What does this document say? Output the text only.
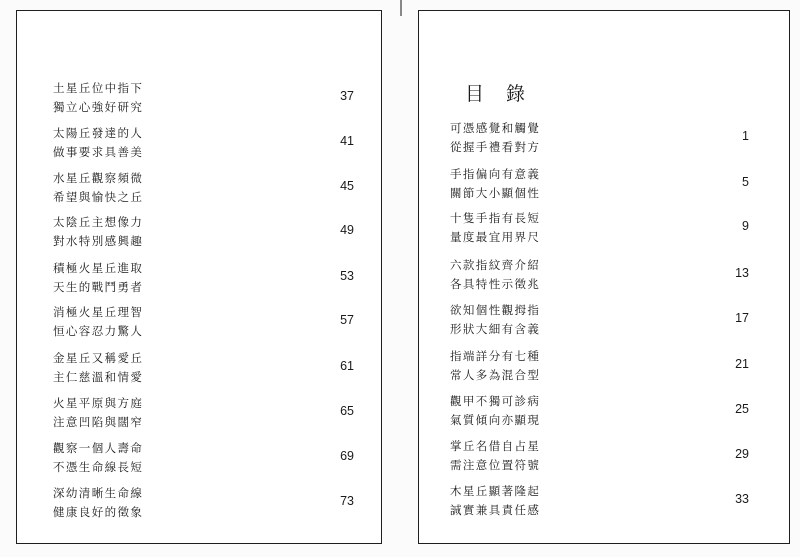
土星丘位中指下
獨立心強好研究
37
太陽丘發達的人
做事要求具善美
41
水星丘觀察頻微
希望與愉快之丘
45
太陰丘主想像力
對水特別感興趣
49
積極火星丘進取
天生的戰鬥勇者
53
消極火星丘理智
恒心容忍力驚人
57
金星丘又稱愛丘
主仁慈溫和情愛
61
火星平原與方庭
注意凹陷與闊窄
65
觀察一個人壽命
不憑生命線長短
69
深幼清晰生命線
健康良好的徵象
73
目錄
可憑感覺和觸覺
從握手禮看對方
1
手指偏向有意義
關節大小顯個性
5
十隻手指有長短
量度最宜用界尺
9
六款指紋齊介紹
各具特性示徵兆
13
欲知個性觀拇指
形狀大細有含義
17
指端詳分有七種
常人多為混合型
21
觀甲不獨可診病
氣質傾向亦顯現
25
掌丘名借自占星
需注意位置符號
29
木星丘顯著隆起
誠實兼具責任感
33
